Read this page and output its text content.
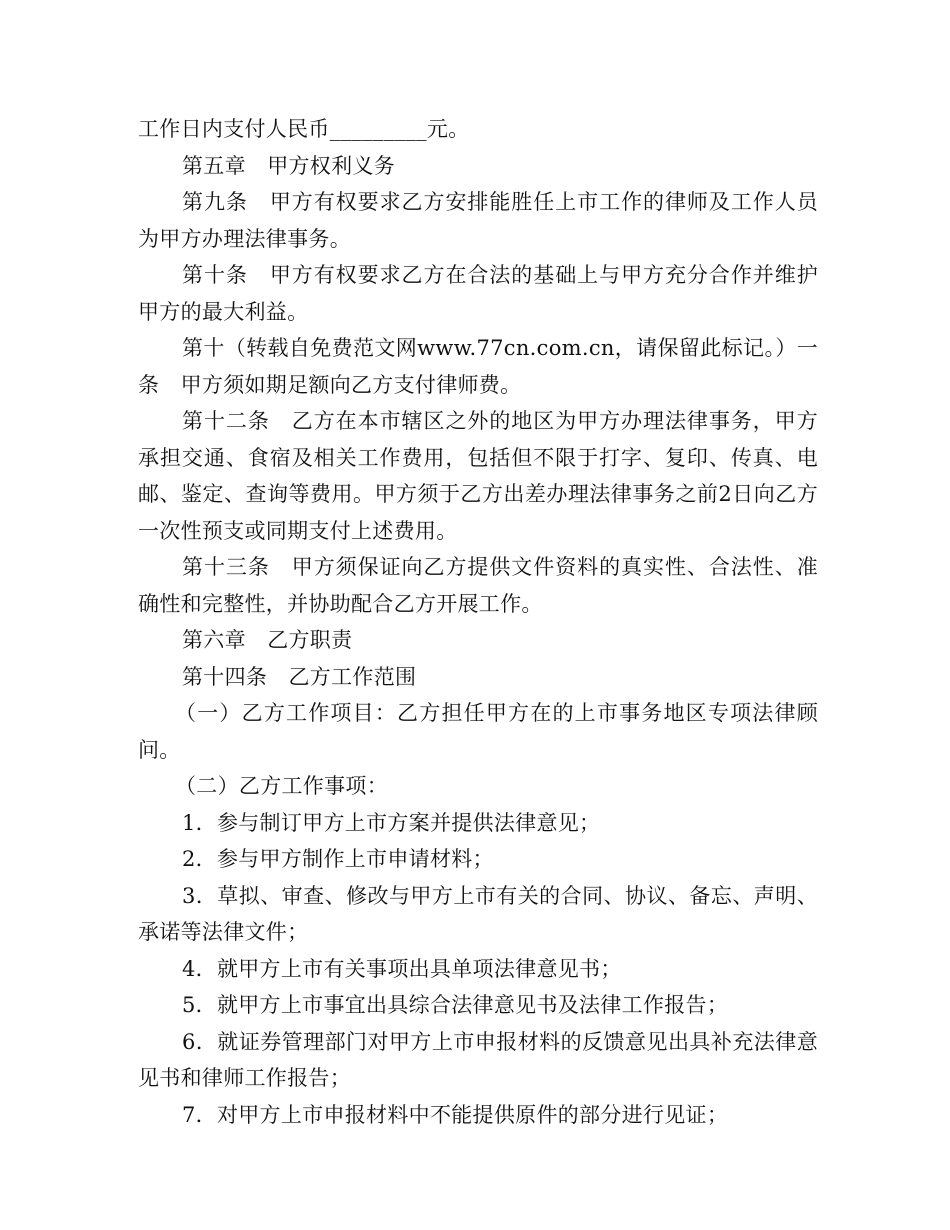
工作日内支付人民币_________元。

第五章　甲方权利义务

第九条　甲方有权要求乙方安排能胜任上市工作的律师及工作人员为甲方办理法律事务。

第十条　甲方有权要求乙方在合法的基础上与甲方充分合作并维护甲方的最大利益。

第十（转载自免费范文网www.77cn.com.cn，请保留此标记。）一条　甲方须如期足额向乙方支付律师费。

第十二条　乙方在本市辖区之外的地区为甲方办理法律事务，甲方承担交通、食宿及相关工作费用，包括但不限于打字、复印、传真、电邮、鉴定、查询等费用。甲方须于乙方出差办理法律事务之前2日向乙方一次性预支或同期支付上述费用。

第十三条　甲方须保证向乙方提供文件资料的真实性、合法性、准确性和完整性，并协助配合乙方开展工作。

第六章　乙方职责

第十四条　乙方工作范围

（一）乙方工作项目：乙方担任甲方在的上市事务地区专项法律顾问。

（二）乙方工作事项：

1．参与制订甲方上市方案并提供法律意见；

2．参与甲方制作上市申请材料；

3．草拟、审查、修改与甲方上市有关的合同、协议、备忘、声明、承诺等法律文件；

4．就甲方上市有关事项出具单项法律意见书；

5．就甲方上市事宜出具综合法律意见书及法律工作报告；

6．就证券管理部门对甲方上市申报材料的反馈意见出具补充法律意见书和律师工作报告；

7．对甲方上市申报材料中不能提供原件的部分进行见证；
